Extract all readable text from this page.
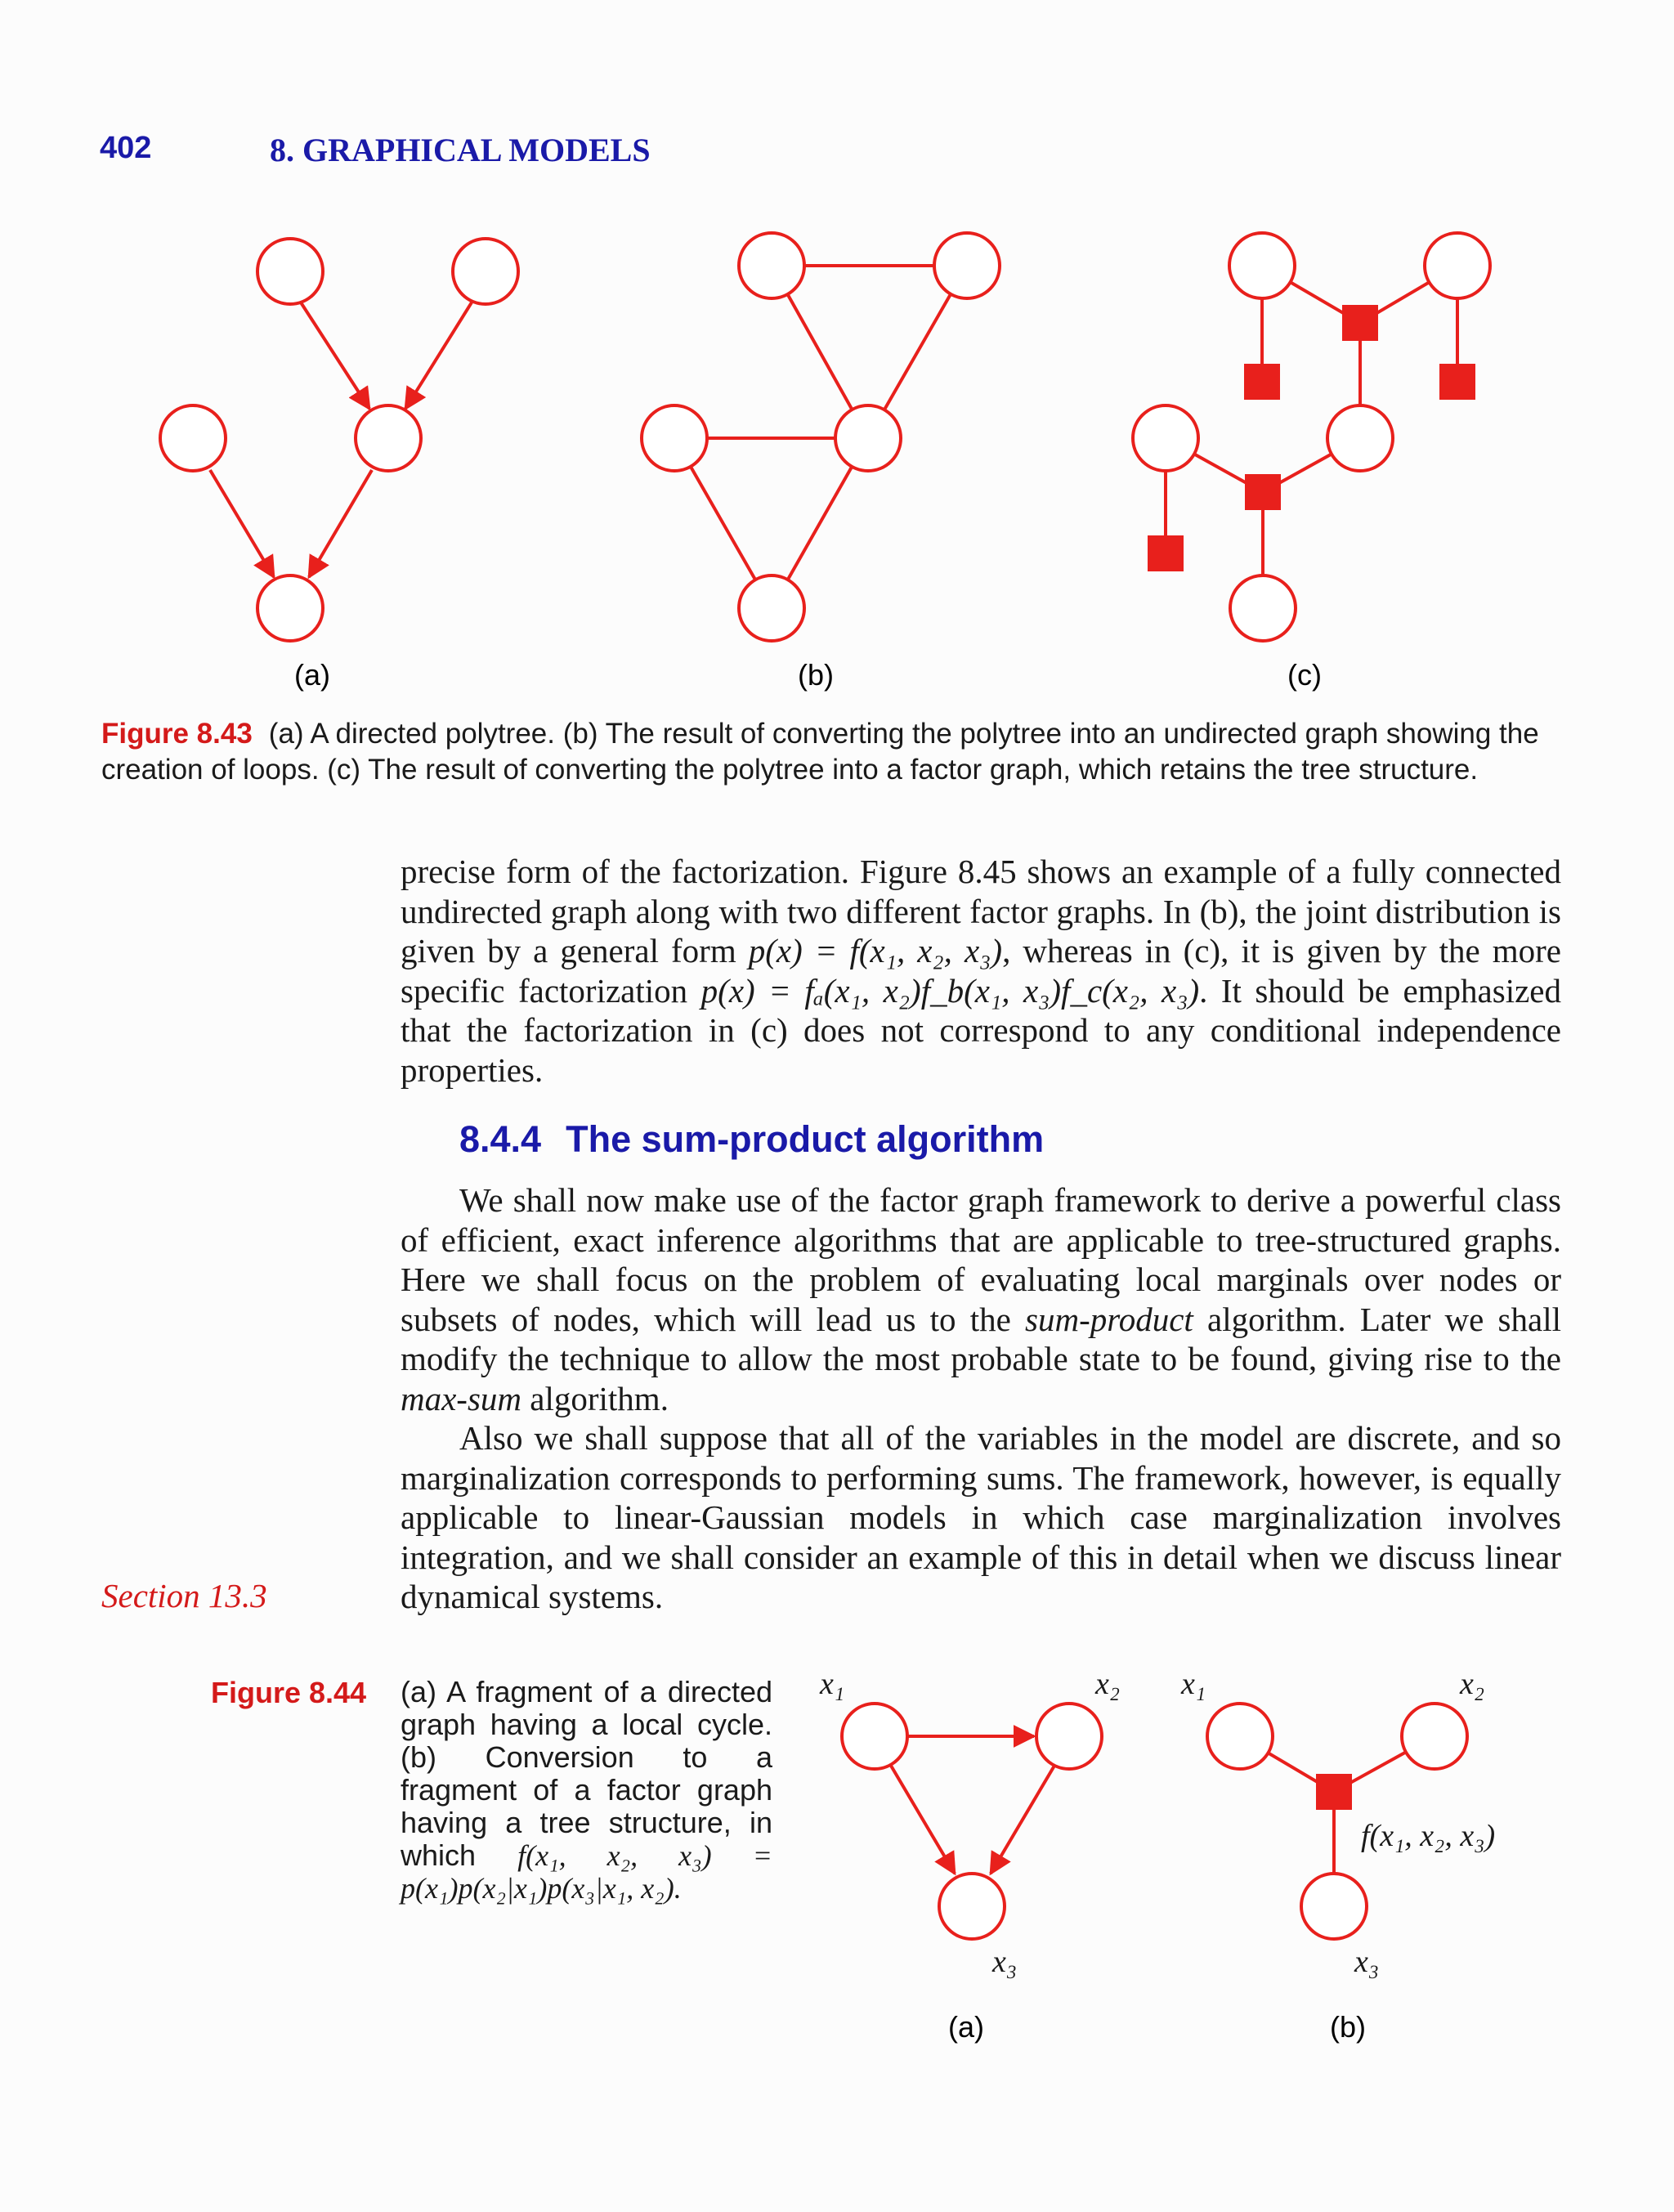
402	8. GRAPHICAL MODELS
x₁	x₂
x₃
x₁	x₂
x₃
f(x₁, x₂, x₃)
(a)	(b)	(c)
(a)	(b)
Figure 8.43 (a) A directed polytree. (b) The result of converting the polytree into an undirected graph showing the creation of loops. (c) The result of converting the polytree into a factor graph, which retains the tree structure.

precise form of the factorization. Figure 8.45 shows an example of a fully connected undirected graph along with two different factor graphs. In (b), the joint distribution is given by a general form p(x) = f(x₁, x₂, x₃), whereas in (c), it is given by the more specific factorization p(x) = fₐ(x₁, x₂)f_b(x₁, x₃)f_c(x₂, x₃). It should be emphasized that the factorization in (c) does not correspond to any conditional independence properties.

8.4.4 The sum-product algorithm

We shall now make use of the factor graph framework to derive a powerful class of efficient, exact inference algorithms that are applicable to tree-structured graphs. Here we shall focus on the problem of evaluating local marginals over nodes or subsets of nodes, which will lead us to the sum-product algorithm. Later we shall modify the technique to allow the most probable state to be found, giving rise to the max-sum algorithm.

Also we shall suppose that all of the variables in the model are discrete, and so marginalization corresponds to performing sums. The framework, however, is equally applicable to linear-Gaussian models in which case marginalization involves integration, and we shall consider an example of this in detail when we discuss linear dynamical systems.

Section 13.3
Figure 8.44 (a) A fragment of a directed graph having a local cycle. (b) Conversion to a fragment of a factor graph having a tree structure, in which f(x₁, x₂, x₃) = p(x₁)p(x₂|x₁)p(x₃|x₁, x₂).
